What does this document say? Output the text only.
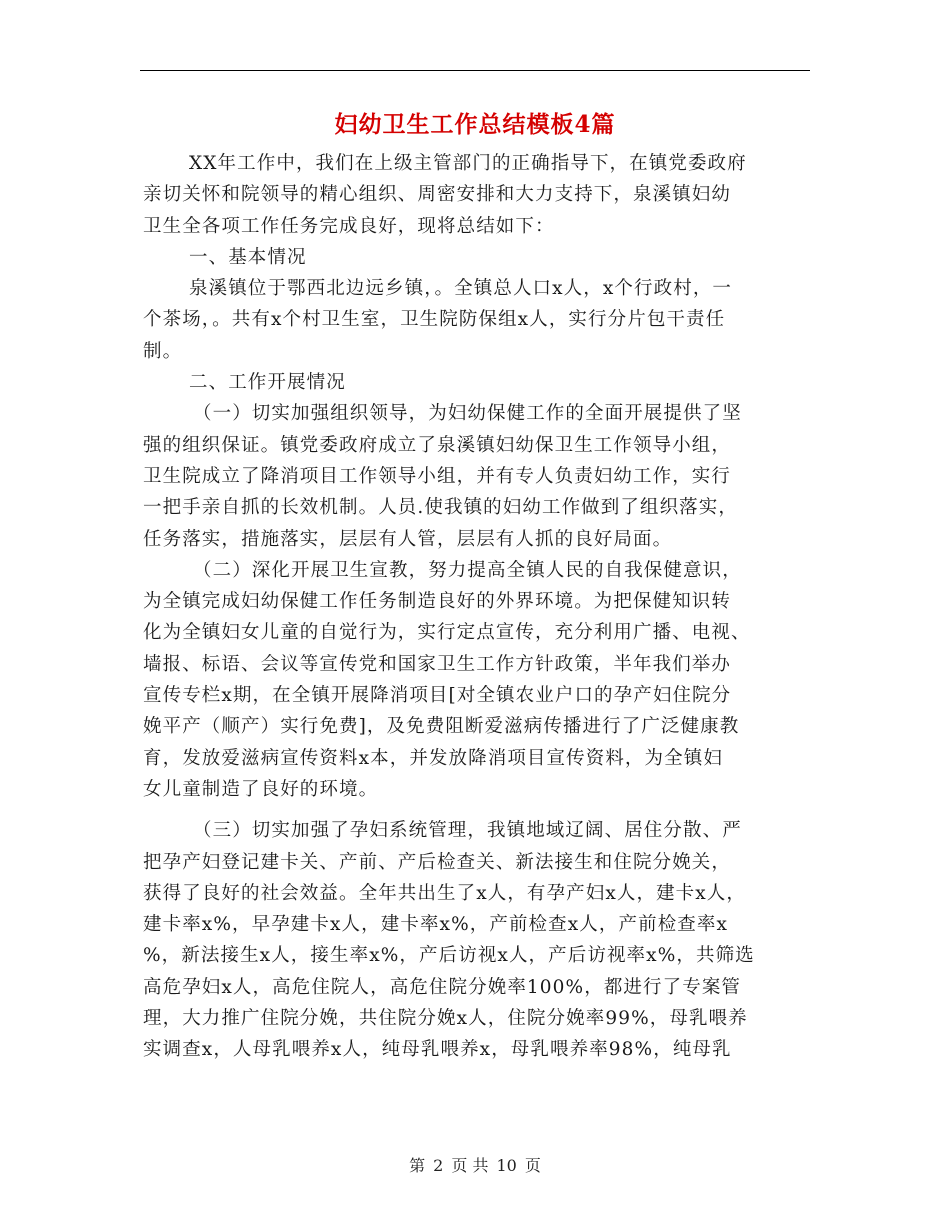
妇幼卫生工作总结模板4篇
XX年工作中，我们在上级主管部门的正确指导下，在镇党委政府
亲切关怀和院领导的精心组织、周密安排和大力支持下，泉溪镇妇幼
卫生全各项工作任务完成良好，现将总结如下：
一、基本情况
泉溪镇位于鄂西北边远乡镇，。全镇总人口x人，x个行政村，一
个茶场，。共有x个村卫生室，卫生院防保组x人，实行分片包干责任
制。
二、工作开展情况
（一）切实加强组织领导，为妇幼保健工作的全面开展提供了坚
强的组织保证。镇党委政府成立了泉溪镇妇幼保卫生工作领导小组，
卫生院成立了降消项目工作领导小组，并有专人负责妇幼工作，实行
一把手亲自抓的长效机制。人员.使我镇的妇幼工作做到了组织落实，
任务落实，措施落实，层层有人管，层层有人抓的良好局面。
（二）深化开展卫生宣教，努力提高全镇人民的自我保健意识，
为全镇完成妇幼保健工作任务制造良好的外界环境。为把保健知识转
化为全镇妇女儿童的自觉行为，实行定点宣传，充分利用广播、电视、
墙报、标语、会议等宣传党和国家卫生工作方针政策，半年我们举办
宣传专栏x期，在全镇开展降消项目[对全镇农业户口的孕产妇住院分
娩平产（顺产）实行免费]，及免费阻断爱滋病传播进行了广泛健康教
育，发放爱滋病宣传资料x本，并发放降消项目宣传资料，为全镇妇
女儿童制造了良好的环境。
（三）切实加强了孕妇系统管理，我镇地域辽阔、居住分散、严
把孕产妇登记建卡关、产前、产后检查关、新法接生和住院分娩关，
获得了良好的社会效益。全年共出生了x人，有孕产妇x人，建卡x人，
建卡率x%，早孕建卡x人，建卡率x%，产前检查x人，产前检查率x
%，新法接生x人，接生率x%，产后访视x人，产后访视率x%，共筛选
高危孕妇x人，高危住院人，高危住院分娩率100%，都进行了专案管
理，大力推广住院分娩，共住院分娩x人，住院分娩率99%，母乳喂养
实调查x，人母乳喂养x人，纯母乳喂养x，母乳喂养率98%，纯母乳
第 2 页 共 10 页
